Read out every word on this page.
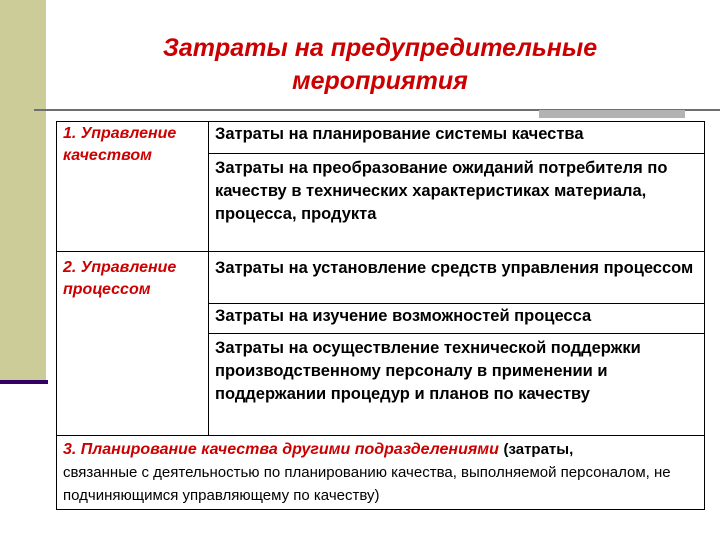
Затраты на предупредительные
мероприятия
1. Управление
качеством	Затраты на планирование системы качества
	Затраты на преобразование ожиданий потребителя по качеству в технических характеристиках материала, процесса, продукта
2. Управление
процессом	Затраты на установление средств управления процессом
	Затраты на изучение возможностей процесса
	Затраты на осуществление технической поддержки производственному персоналу в применении и поддержании процедур и планов по качеству
3. Планирование качества другими подразделениями (затраты,
связанные с деятельностью по планированию качества, выполняемой персоналом, не подчиняющимся управляющему по качеству)	
